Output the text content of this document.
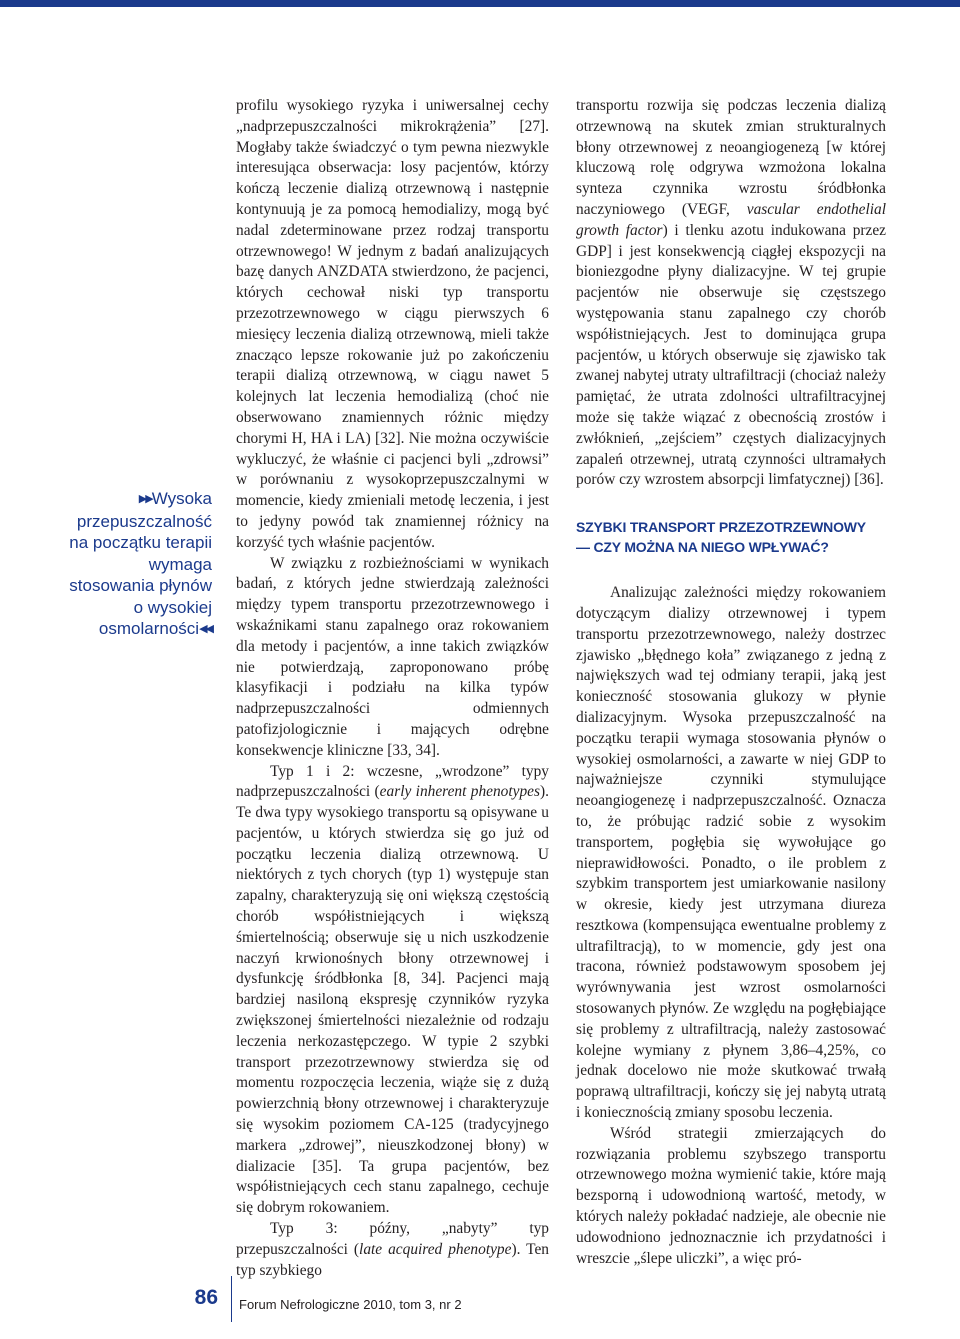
▶▶Wysoka przepuszczalność na początku terapii wymaga stosowania płynów o wysokiej osmolarności◀◀

profilu wysokiego ryzyka i uniwersalnej cechy „nadprzepuszczalności mikrokrążenia” [27]. Mogłaby także świadczyć o tym pewna niezwykle interesująca obserwacja: losy pacjentów, którzy kończą leczenie dializą otrzewnową i następnie kontynuują je za pomocą hemodializy, mogą być nadal zdeterminowane przez rodzaj transportu otrzewnowego! W jednym z badań analizujących bazę danych ANZDATA stwierdzono, że pacjenci, których cechował niski typ transportu przezotrzewnowego w ciągu pierwszych 6 miesięcy leczenia dializą otrzewnową, mieli także znacząco lepsze rokowanie już po zakończeniu terapii dializą otrzewnową, w ciągu nawet 5 kolejnych lat leczenia hemodializą (choć nie obserwowano znamiennych różnic między chorymi H, HA i LA) [32]. Nie można oczywiście wykluczyć, że właśnie ci pacjenci byli „zdrowsi” w porównaniu z wysokoprzepuszczalnymi w momencie, kiedy zmieniali metodę leczenia, i jest to jedyny powód tak znamiennej różnicy na korzyść tych właśnie pacjentów.

W związku z rozbieżnościami w wynikach badań, z których jedne stwierdzają zależności między typem transportu przezotrzewnowego i wskaźnikami stanu zapalnego oraz rokowaniem dla metody i pacjentów, a inne takich związków nie potwierdzają, zaproponowano próbę klasyfikacji i podziału na kilka typów nadprzepuszczalności odmiennych patofizjologicznie i mających odrębne konsekwencje kliniczne [33, 34].

Typ 1 i 2: wczesne, „wrodzone” typy nadprzepuszczalności (early inherent phenotypes). Te dwa typy wysokiego transportu są opisywane u pacjentów, u których stwierdza się go już od początku leczenia dializą otrzewnową. U niektórych z tych chorych (typ 1) występuje stan zapalny, charakteryzują się oni większą częstością chorób współistniejących i większą śmiertelnością; obserwuje się u nich uszkodzenie naczyń krwionośnych błony otrzewnowej i dysfunkcję śródbłonka [8, 34]. Pacjenci mają bardziej nasiloną ekspresję czynników ryzyka zwiększonej śmiertelności niezależnie od rodzaju leczenia nerkozastępczego. W typie 2 szybki transport przezotrzewnowy stwierdza się od momentu rozpoczęcia leczenia, wiąże się z dużą powierzchnią błony otrzewnowej i charakteryzuje się wysokim poziomem CA-125 (tradycyjnego markera „zdrowej”, nieuszkodzonej błony) w dializacie [35]. Ta grupa pacjentów, bez współistniejących cech stanu zapalnego, cechuje się dobrym rokowaniem.

Typ 3: późny, „nabyty” typ przepuszczalności (late acquired phenotype). Ten typ szybkiego

transportu rozwija się podczas leczenia dializą otrzewnową na skutek zmian strukturalnych błony otrzewnowej z neoangiogenezą [w której kluczową rolę odgrywa wzmożona lokalna synteza czynnika wzrostu śródbłonka naczyniowego (VEGF, vascular endothelial growth factor) i tlenku azotu indukowana przez GDP] i jest konsekwencją ciągłej ekspozycji na bioniezgodne płyny dializacyjne. W tej grupie pacjentów nie obserwuje się częstszego występowania stanu zapalnego czy chorób współistniejących. Jest to dominująca grupa pacjentów, u których obserwuje się zjawisko tak zwanej nabytej utraty ultrafiltracji (chociaż należy pamiętać, że utrata zdolności ultrafiltracyjnej może się także wiązać z obecnością zrostów i zwłóknień, „zejściem” częstych dializacyjnych zapaleń otrzewnej, utratą czynności ultramałych porów czy wzrostem absorpcji limfatycznej) [36].

SZYBKI TRANSPORT PRZEZOTRZEWNOWY
— CZY MOŻNA NA NIEGO WPŁYWAĆ?

Analizując zależności między rokowaniem dotyczącym dializy otrzewnowej i typem transportu przezotrzewnowego, należy dostrzec zjawisko „błędnego koła” związanego z jedną z największych wad tej odmiany terapii, jaką jest konieczność stosowania glukozy w płynie dializacyjnym. Wysoka przepuszczalność na początku terapii wymaga stosowania płynów o wysokiej osmolarności, a zawarte w niej GDP to najważniejsze czynniki stymulujące neoangiogenezę i nadprzepuszczalność. Oznacza to, że próbując radzić sobie z wysokim transportem, pogłębia się wywołujące go nieprawidłowości. Ponadto, o ile problem z szybkim transportem jest umiarkowanie nasilony w okresie, kiedy jest utrzymana diureza resztkowa (kompensująca ewentualne problemy z ultrafiltracją), to w momencie, gdy jest ona tracona, również podstawowym sposobem jej wyrównywania jest wzrost osmolarności stosowanych płynów. Ze względu na pogłębiające się problemy z ultrafiltracją, należy zastosować kolejne wymiany z płynem 3,86–4,25%, co jednak docelowo nie może skutkować trwałą poprawą ultrafiltracji, kończy się jej nabytą utratą i koniecznością zmiany sposobu leczenia.

Wśród strategii zmierzających do rozwiązania problemu szybszego transportu otrzewnowego można wymienić takie, które mają bezsporną i udowodnioną wartość, metody, w których należy pokładać nadzieje, ale obecnie nie udowodniono jednoznacznie ich przydatności i wreszcie „ślepe uliczki”, a więc pró-

86 Forum Nefrologiczne 2010, tom 3, nr 2
